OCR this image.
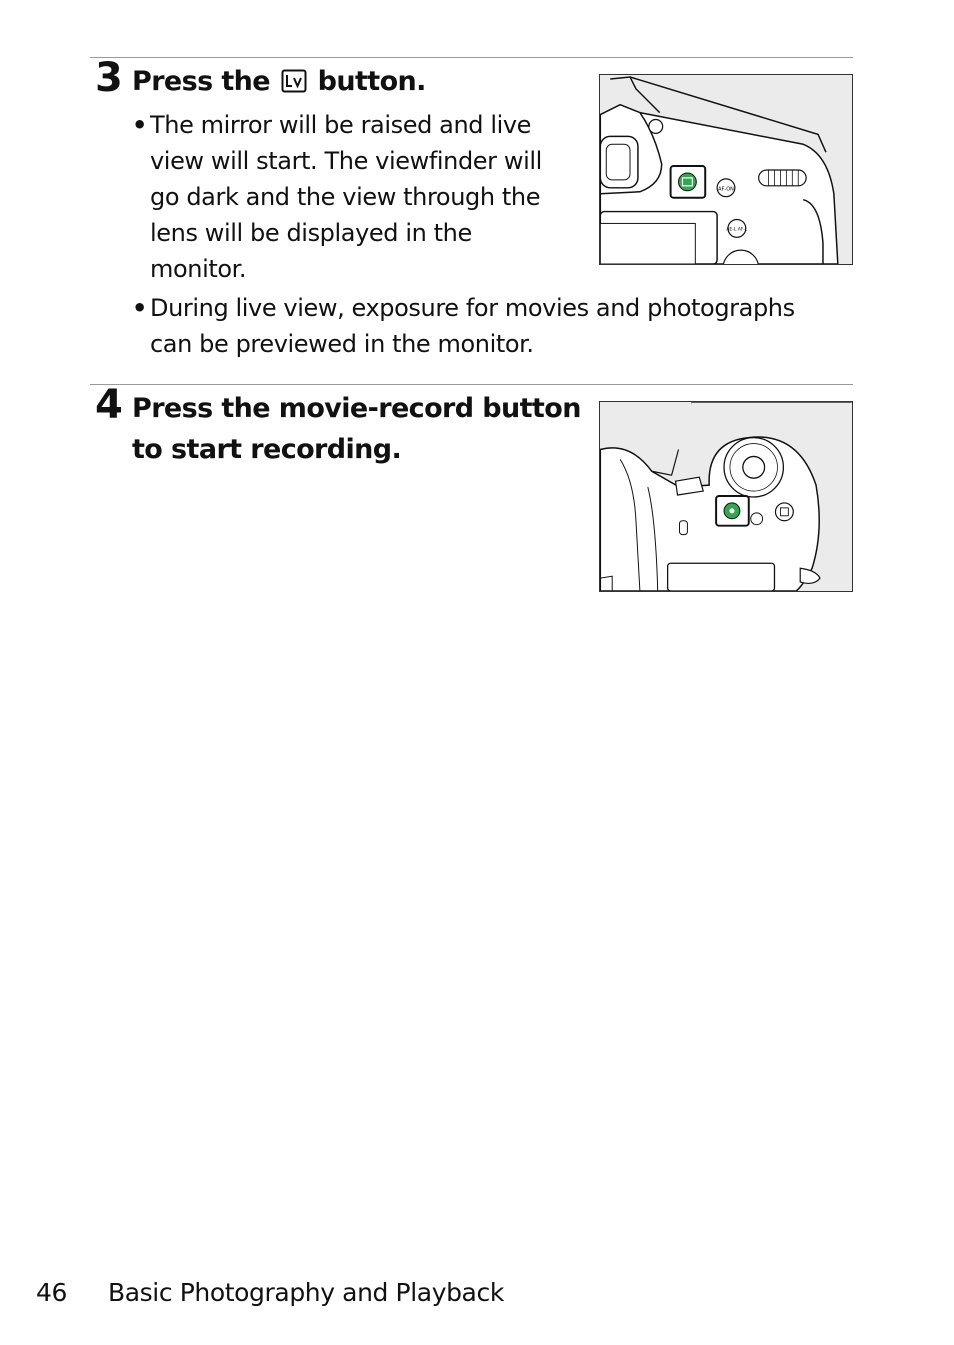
3 Press the button.
• The mirror will be raised and live
view will start. The viewfinder will
go dark and the view through the
lens will be displayed in the
monitor.
• During live view, exposure for movies and photographs
can be previewed in the monitor.
AF-ON
AE-L AF-L
4 Press the movie-record button
to start recording.
46 Basic Photography and Playback
